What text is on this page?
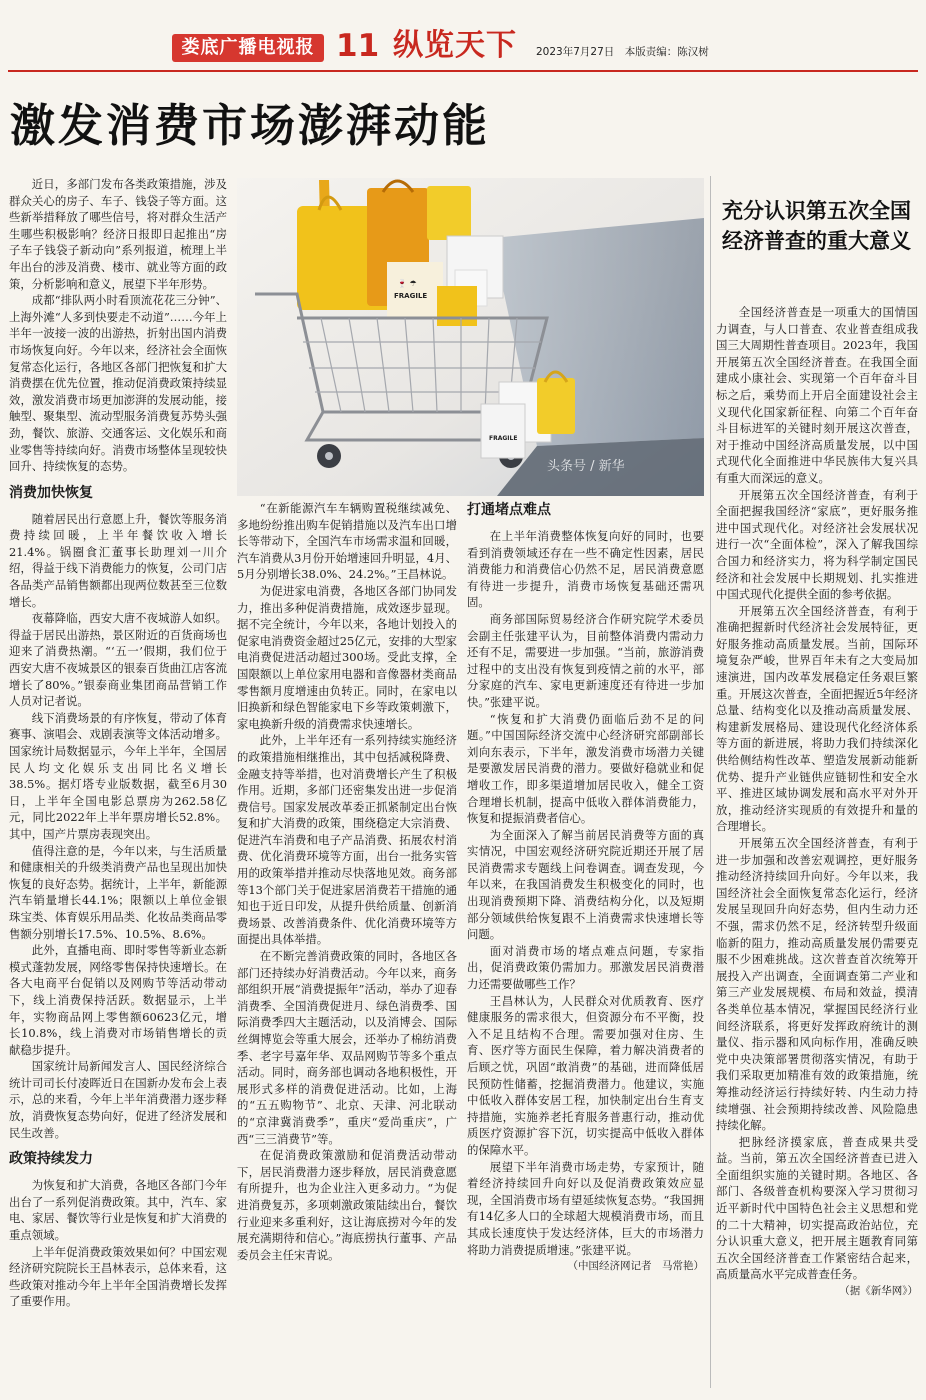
娄底广播电视报 11 纵览天下 2023年7月27日　本版责编：陈汉树
激发消费市场澎湃动能
🍷 ☂
FRAGILE
FRAGILE
头条号 / 新华

近日，多部门发布各类政策措施，涉及群众关心的房子、车子、钱袋子等方面。这些新举措释放了哪些信号，将对群众生活产生哪些积极影响？经济日报即日起推出“房子车子钱袋子新动向”系列报道，梳理上半年出台的涉及消费、楼市、就业等方面的政策，分析影响和意义，展望下半年形势。

成都“排队两小时看顶流花花三分钟”、上海外滩“人多到快要走不动道”……今年上半年一波接一波的出游热，折射出国内消费市场恢复向好。今年以来，经济社会全面恢复常态化运行，各地区各部门把恢复和扩大消费摆在优先位置，推动促消费政策持续显效，激发消费市场更加澎湃的发展动能，接触型、聚集型、流动型服务消费复苏势头强劲，餐饮、旅游、交通客运、文化娱乐和商业零售等持续向好。消费市场整体呈现较快回升、持续恢复的态势。

消费加快恢复

随着居民出行意愿上升，餐饮等服务消费持续回暖，上半年餐饮收入增长21.4%。锅圈食汇董事长助理刘一川介绍，得益于线下消费能力的恢复，公司门店各品类产品销售额都出现两位数甚至三位数增长。

夜幕降临，西安大唐不夜城游人如织。得益于居民出游热，景区附近的百货商场也迎来了消费热潮。“‘五一’假期，我们位于西安大唐不夜城景区的银泰百货曲江店客流增长了80%。”银泰商业集团商品营销工作人员对记者说。

线下消费场景的有序恢复，带动了体育赛事、演唱会、戏剧表演等文体活动增多。国家统计局数据显示，今年上半年，全国居民人均文化娱乐支出同比名义增长38.5%。据灯塔专业版数据，截至6月30日，上半年全国电影总票房为262.58亿元，同比2022年上半年票房增长52.8%。其中，国产片票房表现突出。

值得注意的是，今年以来，与生活质量和健康相关的升级类消费产品也呈现出加快恢复的良好态势。据统计，上半年，新能源汽车销量增长44.1%；限额以上单位金银珠宝类、体育娱乐用品类、化妆品类商品零售额分别增长17.5%、10.5%、8.6%。

此外，直播电商、即时零售等新业态新模式蓬勃发展，网络零售保持快速增长。在各大电商平台促销以及网购节等活动带动下，线上消费保持活跃。数据显示，上半年，实物商品网上零售额60623亿元，增长10.8%，线上消费对市场销售增长的贡献稳步提升。

国家统计局新闻发言人、国民经济综合统计司司长付凌晖近日在国新办发布会上表示，总的来看，今年上半年消费潜力逐步释放，消费恢复态势向好，促进了经济发展和民生改善。

政策持续发力

为恢复和扩大消费，各地区各部门今年出台了一系列促消费政策。其中，汽车、家电、家居、餐饮等行业是恢复和扩大消费的重点领域。

上半年促消费政策效果如何？中国宏观经济研究院院长王昌林表示，总体来看，这些政策对推动今年上半年全国消费增长发挥了重要作用。

“在新能源汽车车辆购置税继续减免、多地纷纷推出购车促销措施以及汽车出口增长等带动下，全国汽车市场需求温和回暖，汽车消费从3月份开始增速回升明显，4月、5月分别增长38.0%、24.2%。”王昌林说。

为促进家电消费，各地区各部门协同发力，推出多种促消费措施，成效逐步显现。据不完全统计，今年以来，各地计划投入的促家电消费资金超过25亿元，安排的大型家电消费促进活动超过300场。受此支撑，全国限额以上单位家用电器和音像器材类商品零售额月度增速由负转正。同时，在家电以旧换新和绿色智能家电下乡等政策刺激下，家电换新升级的消费需求快速增长。

此外，上半年还有一系列持续实施经济的政策措施相继推出，其中包括减税降费、金融支持等举措，也对消费增长产生了积极作用。近期，多部门还密集发出进一步促消费信号。国家发展改革委正抓紧制定出台恢复和扩大消费的政策，围绕稳定大宗消费、促进汽车消费和电子产品消费、拓展农村消费、优化消费环境等方面，出台一批务实管用的政策举措并推动尽快落地见效。商务部等13个部门关于促进家居消费若干措施的通知也于近日印发，从提升供给质量、创新消费场景、改善消费条件、优化消费环境等方面提出具体举措。

在不断完善消费政策的同时，各地区各部门还持续办好消费活动。今年以来，商务部组织开展“消费提振年”活动，举办了迎春消费季、全国消费促进月、绿色消费季、国际消费季四大主题活动，以及消博会、国际丝绸博览会等重大展会，还举办了棉纺消费季、老字号嘉年华、双品网购节等多个重点活动。同时，商务部也调动各地积极性，开展形式多样的消费促进活动。比如，上海的“五五购物节”、北京、天津、河北联动的“京津冀消费季”，重庆“爱尚重庆”，广西“三三消费节”等。

在促消费政策激励和促消费活动带动下，居民消费潜力逐步释放，居民消费意愿有所提升，也为企业注入更多动力。“为促进消费复苏，多项刺激政策陆续出台，餐饮行业迎来多重利好，这让海底捞对今年的发展充满期待和信心。”海底捞执行董事、产品委员会主任宋青说。

打通堵点难点

在上半年消费整体恢复向好的同时，也要看到消费领域还存在一些不确定性因素，居民消费能力和消费信心仍然不足，居民消费意愿有待进一步提升，消费市场恢复基础还需巩固。

商务部国际贸易经济合作研究院学术委员会副主任张建平认为，目前整体消费内需动力还有不足，需要进一步加强。“当前，旅游消费过程中的支出没有恢复到疫情之前的水平，部分家庭的汽车、家电更新速度还有待进一步加快。”张建平说。

“恢复和扩大消费仍面临后劲不足的问题。”中国国际经济交流中心经济研究部副部长刘向东表示，下半年，激发消费市场潜力关键是要激发居民消费的潜力。要做好稳就业和促增收工作，即多渠道增加居民收入，健全工资合理增长机制，提高中低收入群体消费能力，恢复和提振消费者信心。

为全面深入了解当前居民消费等方面的真实情况，中国宏观经济研究院近期还开展了居民消费需求专题线上问卷调查。调查发现，今年以来，在我国消费发生积极变化的同时，也出现消费预期下降、消费结构分化，以及短期部分领域供给恢复跟不上消费需求快速增长等问题。

面对消费市场的堵点难点问题，专家指出，促消费政策仍需加力。那激发居民消费潜力还需要做哪些工作？

王昌林认为，人民群众对优质教育、医疗健康服务的需求很大，但资源分布不平衡，投入不足且结构不合理。需要加强对住房、生育、医疗等方面民生保障，着力解决消费者的后顾之忧，巩固“敢消费”的基础，进而降低居民预防性储蓄，挖掘消费潜力。他建议，实施中低收入群体安居工程，加快制定出台生育支持措施，实施养老托育服务普惠行动，推动优质医疗资源扩容下沉，切实提高中低收入群体的保障水平。

展望下半年消费市场走势，专家预计，随着经济持续回升向好以及促消费政策效应显现，全国消费市场有望延续恢复态势。“我国拥有14亿多人口的全球超大规模消费市场，而且其成长速度快于发达经济体，巨大的市场潜力将助力消费提质增速。”张建平说。

（中国经济网记者　马常艳）

充分认识第五次全国经济普查的重大意义

全国经济普查是一项重大的国情国力调查，与人口普查、农业普查组成我国三大周期性普查项目。2023年，我国开展第五次全国经济普查。在我国全面建成小康社会、实现第一个百年奋斗目标之后，乘势而上开启全面建设社会主义现代化国家新征程、向第二个百年奋斗目标进军的关键时刻开展这次普查，对于推动中国经济高质量发展，以中国式现代化全面推进中华民族伟大复兴具有重大而深远的意义。

开展第五次全国经济普查，有利于全面把握我国经济“家底”，更好服务推进中国式现代化。对经济社会发展状况进行一次“全面体检”，深入了解我国综合国力和经济实力，将为科学制定国民经济和社会发展中长期规划、扎实推进中国式现代化提供全面的参考依据。

开展第五次全国经济普查，有利于准确把握新时代经济社会发展特征，更好服务推动高质量发展。当前，国际环境复杂严峻，世界百年未有之大变局加速演进，国内改革发展稳定任务艰巨繁重。开展这次普查，全面把握近5年经济总量、结构变化以及推动高质量发展、构建新发展格局、建设现代化经济体系等方面的新进展，将助力我们持续深化供给侧结构性改革、塑造发展新动能新优势、提升产业链供应链韧性和安全水平、推进区域协调发展和高水平对外开放，推动经济实现质的有效提升和量的合理增长。

开展第五次全国经济普查，有利于进一步加强和改善宏观调控，更好服务推动经济持续回升向好。今年以来，我国经济社会全面恢复常态化运行，经济发展呈现回升向好态势，但内生动力还不强，需求仍然不足，经济转型升级面临新的阻力，推动高质量发展仍需要克服不少困难挑战。这次普查首次统筹开展投入产出调查，全面调查第二产业和第三产业发展规模、布局和效益，摸清各类单位基本情况，掌握国民经济行业间经济联系，将更好发挥政府统计的测量仪、指示器和风向标作用，准确反映党中央决策部署贯彻落实情况，有助于我们采取更加精准有效的政策措施，统筹推动经济运行持续好转、内生动力持续增强、社会预期持续改善、风险隐患持续化解。

把脉经济摸家底，普查成果共受益。当前，第五次全国经济普查已进入全面组织实施的关键时期。各地区、各部门、各级普查机构要深入学习贯彻习近平新时代中国特色社会主义思想和党的二十大精神，切实提高政治站位，充分认识重大意义，把开展主题教育同第五次全国经济普查工作紧密结合起来，高质量高水平完成普查任务。

（据《新华网》）
